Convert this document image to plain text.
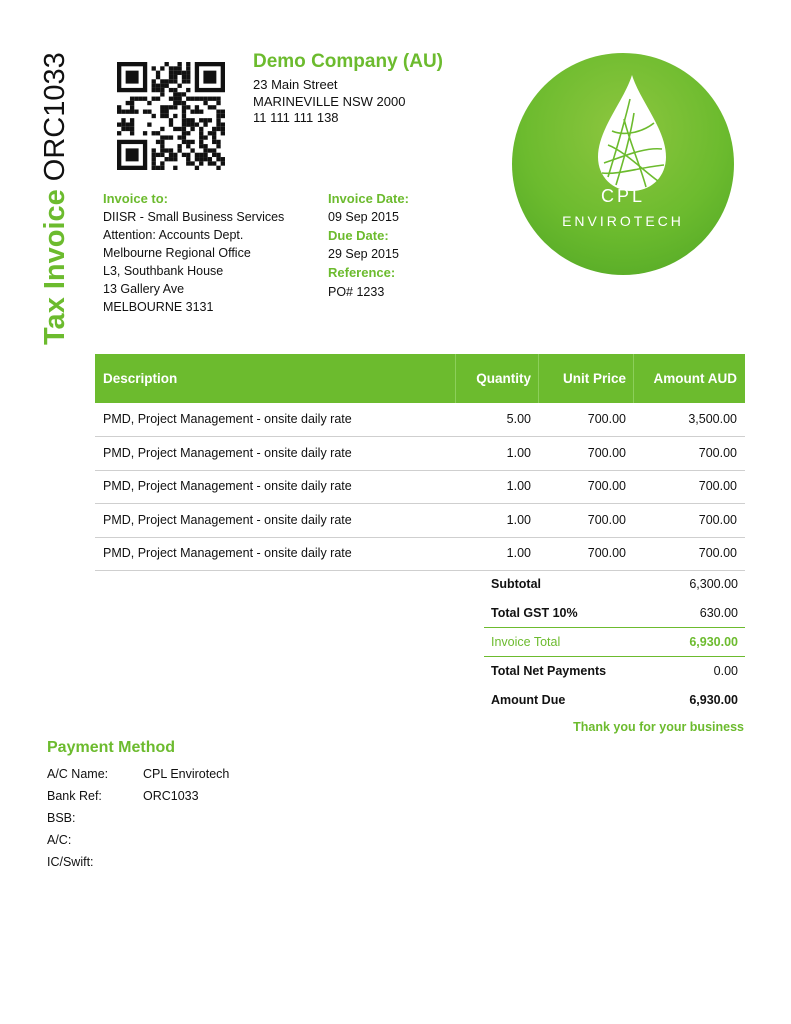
Tax InvoiceORC1033	Demo Company (AU)
23 Main Street
MARINEVILLE NSW 2000
11 111 111 138
CPL
ENVIROTECH
Invoice to:
DIISR - Small Business Services
Attention: Accounts Dept.
Melbourne Regional Office
L3, Southbank House
13 Gallery Ave
MELBOURNE 3131
Invoice Date:
09 Sep 2015
Due Date:
29 Sep 2015
Reference:
PO# 1233
Description	Quantity	Unit Price	Amount AUD
PMD, Project Management - onsite daily rate	5.00	700.00	3,500.00
PMD, Project Management - onsite daily rate	1.00	700.00	700.00
PMD, Project Management - onsite daily rate	1.00	700.00	700.00
PMD, Project Management - onsite daily rate	1.00	700.00	700.00
PMD, Project Management - onsite daily rate	1.00	700.00	700.00
Subtotal	6,300.00
Total GST 10%	630.00
Invoice Total	6,930.00
Total Net Payments	0.00
Amount Due	6,930.00
Thank you for your business
Payment Method
A/C Name:	CPL Envirotech
Bank Ref:	ORC1033
BSB:
A/C:
IC/Swift:
